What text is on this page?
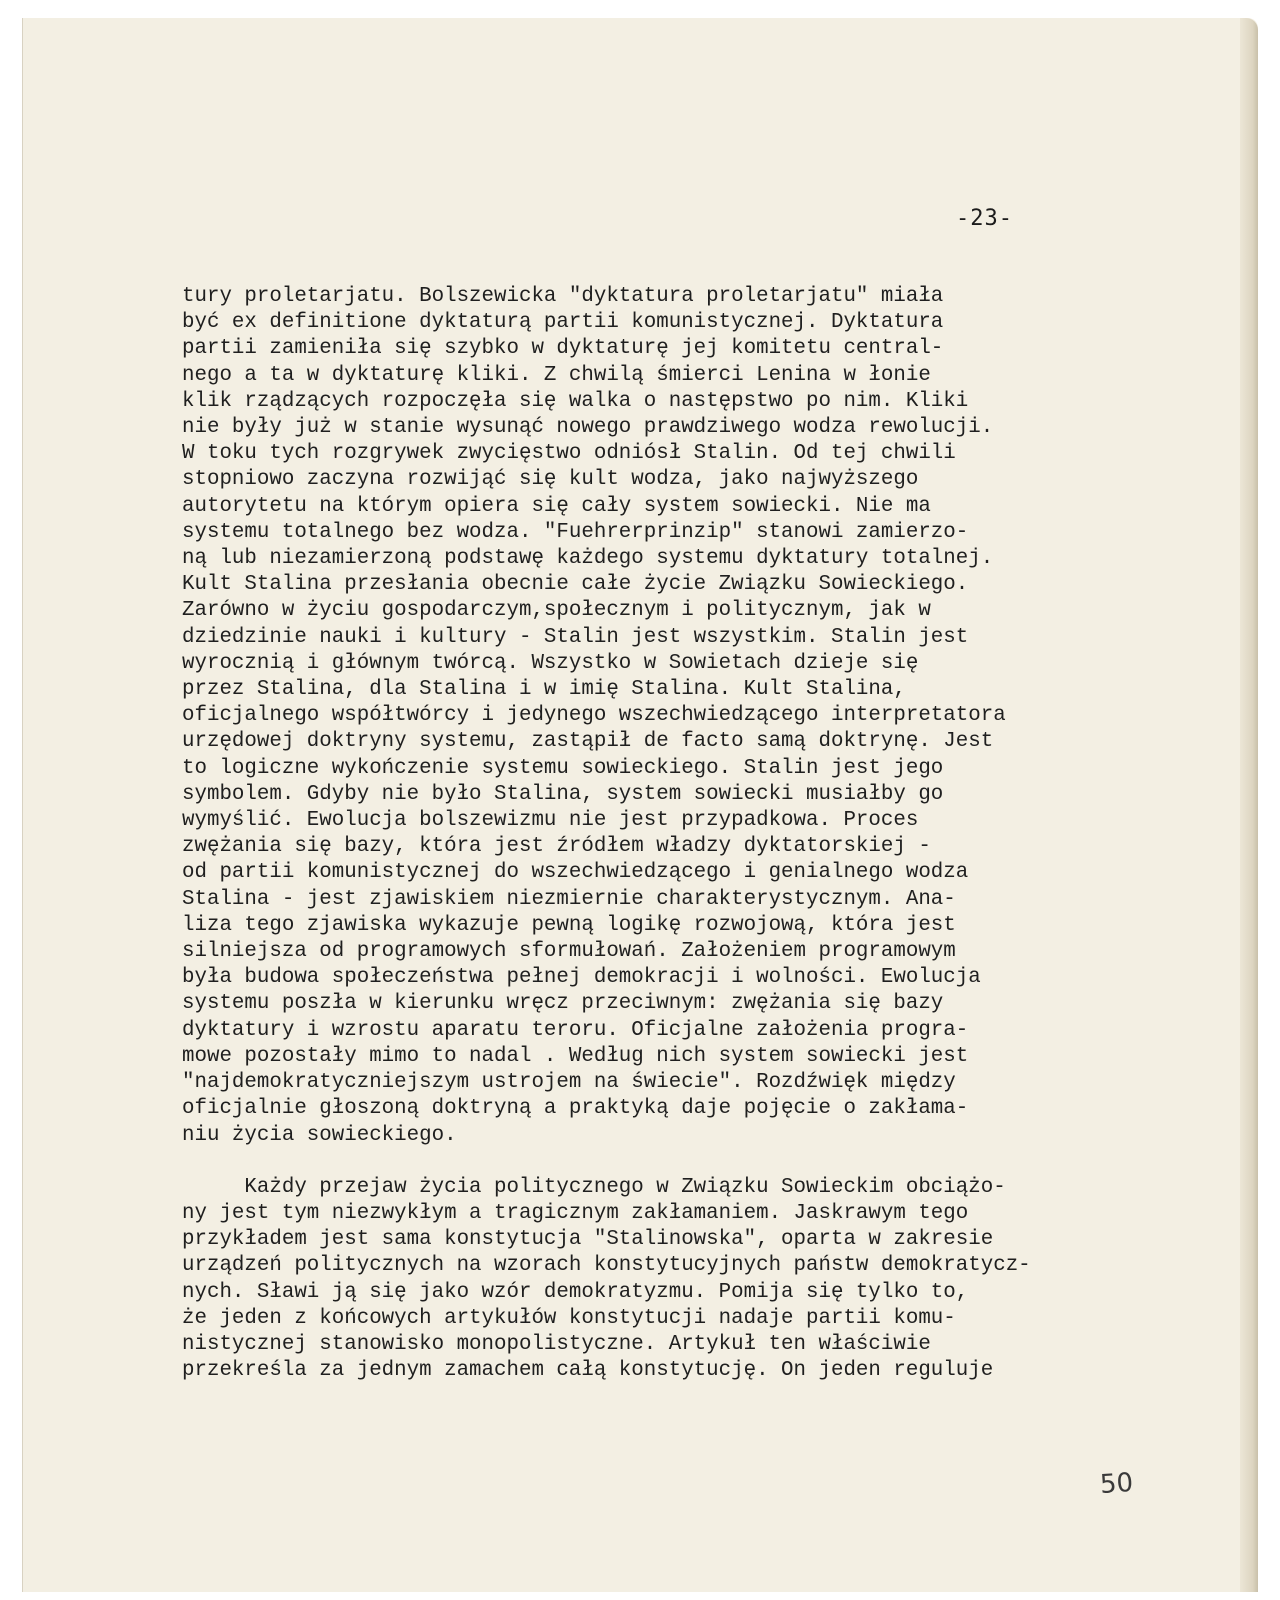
-23-
tury proletarjatu. Bolszewicka "dyktatura proletarjatu" miała
być ex definitione dyktaturą partii komunistycznej. Dyktatura
partii zamieniła się szybko w dyktaturę jej komitetu central-
nego a ta w dyktaturę kliki. Z chwilą śmierci Lenina w łonie
klik rządzących rozpoczęła się walka o następstwo po nim. Kliki
nie były już w stanie wysunąć nowego prawdziwego wodza rewolucji.
W toku tych rozgrywek zwycięstwo odniósł Stalin. Od tej chwili
stopniowo zaczyna rozwijąć się kult wodza, jako najwyższego
autorytetu na którym opiera się cały system sowiecki. Nie ma
systemu totalnego bez wodza. "Fuehrerprinzip" stanowi zamierzo-
ną lub niezamierzoną podstawę każdego systemu dyktatury totalnej.
Kult Stalina przesłania obecnie całe życie Związku Sowieckiego.
Zarówno w życiu gospodarczym,społecznym i politycznym, jak w
dziedzinie nauki i kultury - Stalin jest wszystkim. Stalin jest
wyrocznią i głównym twórcą. Wszystko w Sowietach dzieje się
przez Stalina, dla Stalina i w imię Stalina. Kult Stalina,
oficjalnego współtwórcy i jedynego wszechwiedzącego interpretatora
urzędowej doktryny systemu, zastąpił de facto samą doktrynę. Jest
to logiczne wykończenie systemu sowieckiego. Stalin jest jego
symbolem. Gdyby nie było Stalina, system sowiecki musiałby go
wymyślić. Ewolucja bolszewizmu nie jest przypadkowa. Proces
zwężania się bazy, która jest źródłem władzy dyktatorskiej -
od partii komunistycznej do wszechwiedzącego i genialnego wodza
Stalina - jest zjawiskiem niezmiernie charakterystycznym. Ana-
liza tego zjawiska wykazuje pewną logikę rozwojową, która jest
silniejsza od programowych sformułowań. Założeniem programowym
była budowa społeczeństwa pełnej demokracji i wolności. Ewolucja
systemu poszła w kierunku wręcz przeciwnym: zwężania się bazy
dyktatury i wzrostu aparatu teroru. Oficjalne założenia progra-
mowe pozostały mimo to nadal . Według nich system sowiecki jest
"najdemokratyczniejszym ustrojem na świecie". Rozdźwięk między
oficjalnie głoszoną doktryną a praktyką daje pojęcie o zakłama-
niu życia sowieckiego.
Każdy przejaw życia politycznego w Związku Sowieckim obciążo-
ny jest tym niezwykłym a tragicznym zakłamaniem. Jaskrawym tego
przykładem jest sama konstytucja "Stalinowska", oparta w zakresie
urządzeń politycznych na wzorach konstytucyjnych państw demokratycz-
nych. Sławi ją się jako wzór demokratyzmu. Pomija się tylko to,
że jeden z końcowych artykułów konstytucji nadaje partii komu-
nistycznej stanowisko monopolistyczne. Artykuł ten właściwie
przekreśla za jednym zamachem całą konstytucję. On jeden reguluje
50
